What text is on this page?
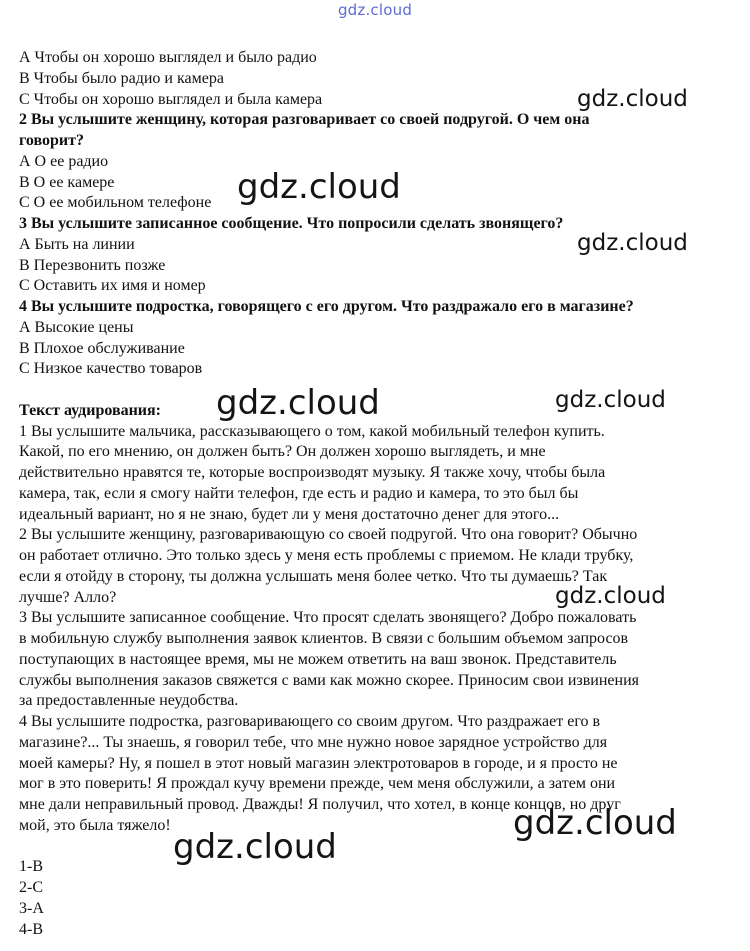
gdz.cloud

А Чтобы он хорошо выглядел и было радио

В Чтобы было радио и камера

С Чтобы он хорошо выглядел и была камера

2 Вы услышите женщину, которая разговаривает со своей подругой. О чем она

говорит?

А О ее радио

В О ее камере

С О ее мобильном телефоне

3 Вы услышите записанное сообщение. Что попросили сделать звонящего?

А Быть на линии

В Перезвонить позже

С Оставить их имя и номер

4 Вы услышите подростка, говорящего с его другом. Что раздражало его в магазине?

А Высокие цены

В Плохое обслуживание

С Низкое качество товаров

Текст аудирования:

1 Вы услышите мальчика, рассказывающего о том, какой мобильный телефон купить.

Какой, по его мнению, он должен быть? Он должен хорошо выглядеть, и мне

действительно нравятся те, которые воспроизводят музыку. Я также хочу, чтобы была

камера, так, если я смогу найти телефон, где есть и радио и камера, то это был бы

идеальный вариант, но я не знаю, будет ли у меня достаточно денег для этого...

2 Вы услышите женщину, разговаривающую со своей подругой. Что она говорит? Обычно

он работает отлично. Это только здесь у меня есть проблемы с приемом. Не клади трубку,

если я отойду в сторону, ты должна услышать меня более четко. Что ты думаешь? Так

лучше? Алло?

3 Вы услышите записанное сообщение. Что просят сделать звонящего? Добро пожаловать

в мобильную службу выполнения заявок клиентов. В связи с большим объемом запросов

поступающих в настоящее время, мы не можем ответить на ваш звонок. Представитель

службы выполнения заказов свяжется с вами как можно скорее. Приносим свои извинения

за предоставленные неудобства.

4 Вы услышите подростка, разговаривающего со своим другом. Что раздражает его в

магазине?... Ты знаешь, я говорил тебе, что мне нужно новое зарядное устройство для

моей камеры? Ну, я пошел в этот новый магазин электротоваров в городе, и я просто не

мог в это поверить! Я прождал кучу времени прежде, чем меня обслужили, а затем они

мне дали неправильный провод. Дважды! Я получил, что хотел, в конце концов, но друг

мой, это была тяжело!

1-В

2-С

3-А

4-В

gdz.cloud
gdz.cloud
gdz.cloud
gdz.cloud
gdz.cloud
gdz.cloud
gdz.cloud
gdz.cloud
